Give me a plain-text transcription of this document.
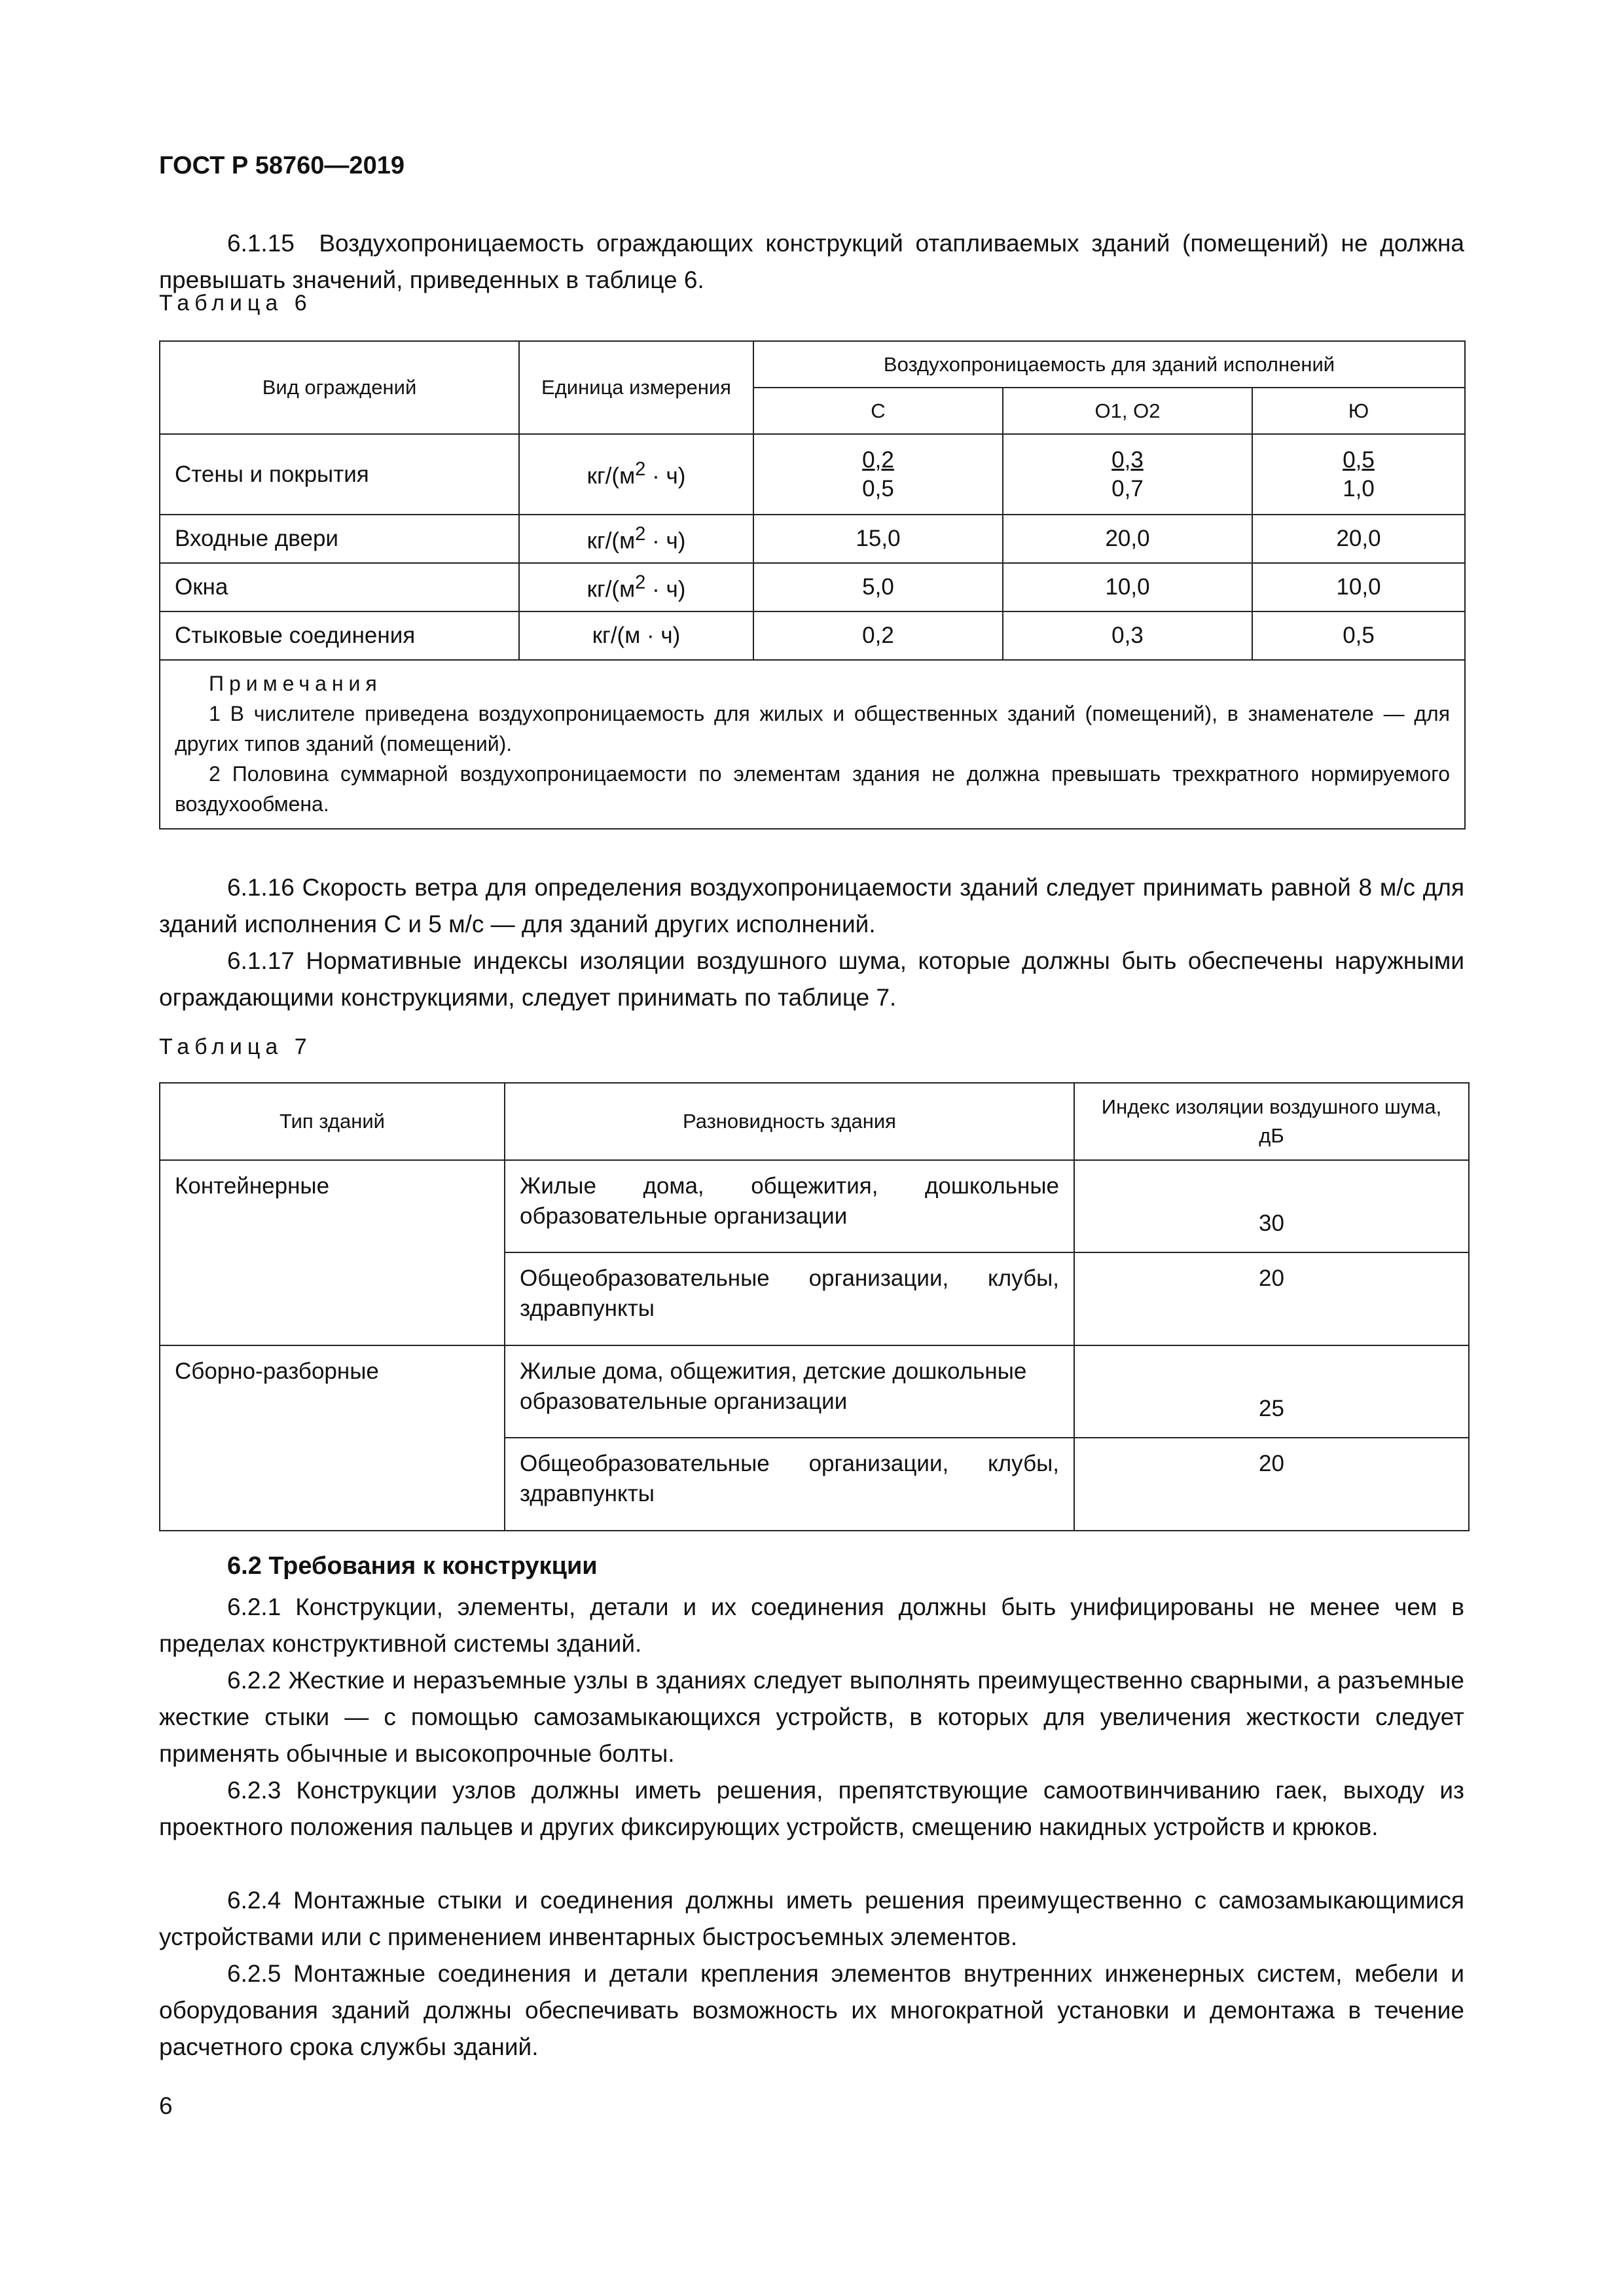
ГОСТ Р 58760—2019
6.1.15 Воздухопроницаемость ограждающих конструкций отапливаемых зданий (помещений) не должна превышать значений, приведенных в таблице 6.
Таблица 6
Вид ограждений	Единица измерения	Воздухопроницаемость для зданий исполнений		
		С	О1, О2	Ю
Стены и покрытия	$кг/(м^2 \cdot ч)$	$\frac{0,2}{0,5}$	$\frac{0,3}{0,7}$	$\frac{0,5}{1,0}$
Входные двери	$кг/(м^2 \cdot ч)$	15,0	20,0	20,0
Окна	$кг/(м^2 \cdot ч)$	5,0	10,0	10,0
Стыковые соединения	кг/(м · ч)	0,2	0,3	0,5

Примечания
1 В числителе приведена воздухопроницаемость для жилых и общественных зданий (помещений), в знаменателе — для других типов зданий (помещений).
2 Половина суммарной воздухопроницаемости по элементам здания не должна превышать трехкратного нормируемого воздухообмена.				
6.1.16 Скорость ветра для определения воздухопроницаемости зданий следует принимать равной 8 м/с для зданий исполнения С и 5 м/с — для зданий других исполнений.
6.1.17 Нормативные индексы изоляции воздушного шума, которые должны быть обеспечены наружными ограждающими конструкциями, следует принимать по таблице 7.
Таблица 7
Тип зданий	Разновидность здания	Индекс изоляции воздушного шума, дБ
Контейнерные	Жилые дома, общежития, дошкольные образовательные организации	30

	Общеобразовательные организации, клубы, здравпункты	20
Сборно-разборные	Жилые дома, общежития, детские дошкольные образовательные организации	25

	Общеобразовательные организации, клубы, здравпункты	20
6.2 Требования к конструкции
6.2.1 Конструкции, элементы, детали и их соединения должны быть унифицированы не менее чем в пределах конструктивной системы зданий.
6.2.2 Жесткие и неразъемные узлы в зданиях следует выполнять преимущественно сварными, а разъемные жесткие стыки — с помощью самозамыкающихся устройств, в которых для увеличения жесткости следует применять обычные и высокопрочные болты.
6.2.3 Конструкции узлов должны иметь решения, препятствующие самоотвинчиванию гаек, выходу из проектного положения пальцев и других фиксирующих устройств, смещению накидных устройств и крюков.
6.2.4 Монтажные стыки и соединения должны иметь решения преимущественно с самозамыкающимися устройствами или с применением инвентарных быстросъемных элементов.
6.2.5 Монтажные соединения и детали крепления элементов внутренних инженерных систем, мебели и оборудования зданий должны обеспечивать возможность их многократной установки и демонтажа в течение расчетного срока службы зданий.
6
